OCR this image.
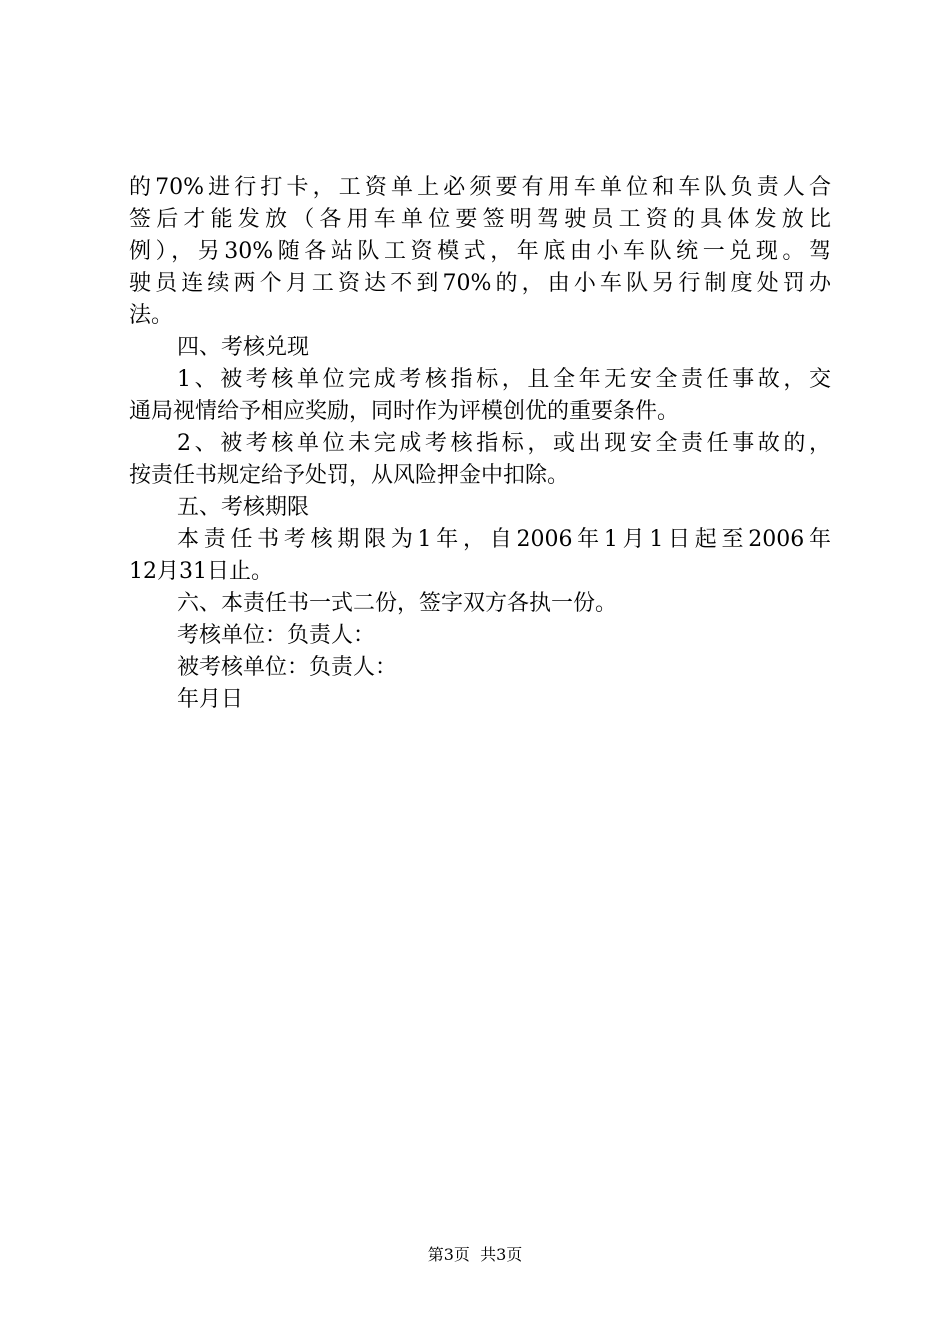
的70%进行打卡，工资单上必须要有用车单位和车队负责人合
签后才能发放（各用车单位要签明驾驶员工资的具体发放比
例），另30%随各站队工资模式，年底由小车队统一兑现。驾
驶员连续两个月工资达不到70%的，由小车队另行制度处罚办
法。
四、考核兑现
1、被考核单位完成考核指标，且全年无安全责任事故，交
通局视情给予相应奖励，同时作为评模创优的重要条件。
2、被考核单位未完成考核指标，或出现安全责任事故的，
按责任书规定给予处罚，从风险押金中扣除。
五、考核期限
本责任书考核期限为1年，自2006年1月1日起至2006年
12月31日止。
六、本责任书一式二份，签字双方各执一份。
考核单位：负责人：
被考核单位：负责人：
年月日
第3页  共3页
